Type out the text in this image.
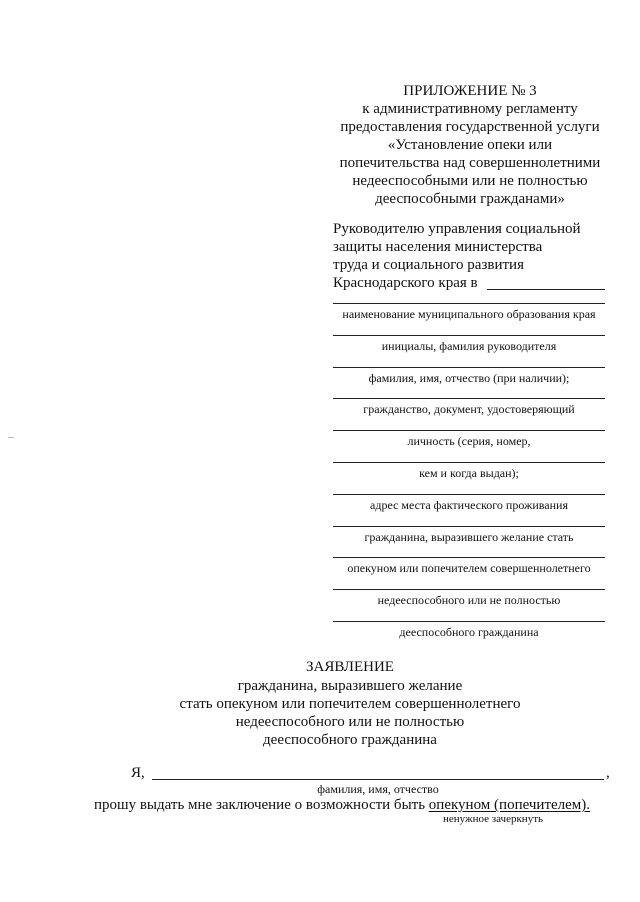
ПРИЛОЖЕНИЕ № 3
к административному регламенту
предоставления государственной услуги
«Установление опеки или
попечительства над совершеннолетними
недееспособными или не полностью
дееспособными гражданами»
Руководителю управления социальной
защиты населения министерства
труда и социального развития
Краснодарского края в
наименование муниципального образования края
инициалы, фамилия руководителя
фамилия, имя, отчество (при наличии);
гражданство, документ, удостоверяющий
личность (серия, номер,
кем и когда выдан);
адрес места фактического проживания
гражданина, выразившего желание стать
опекуном или попечителем совершеннолетнего
недееспособного или не полностью
дееспособного гражданина
ЗАЯВЛЕНИЕ
гражданина, выразившего желание
стать опекуном или попечителем совершеннолетнего
недееспособного или не полностью
дееспособного гражданина
Я,	,
фамилия, имя, отчество
прошу выдать мне заключение о возможности быть опекуном (попечителем).
ненужное зачеркнуть
